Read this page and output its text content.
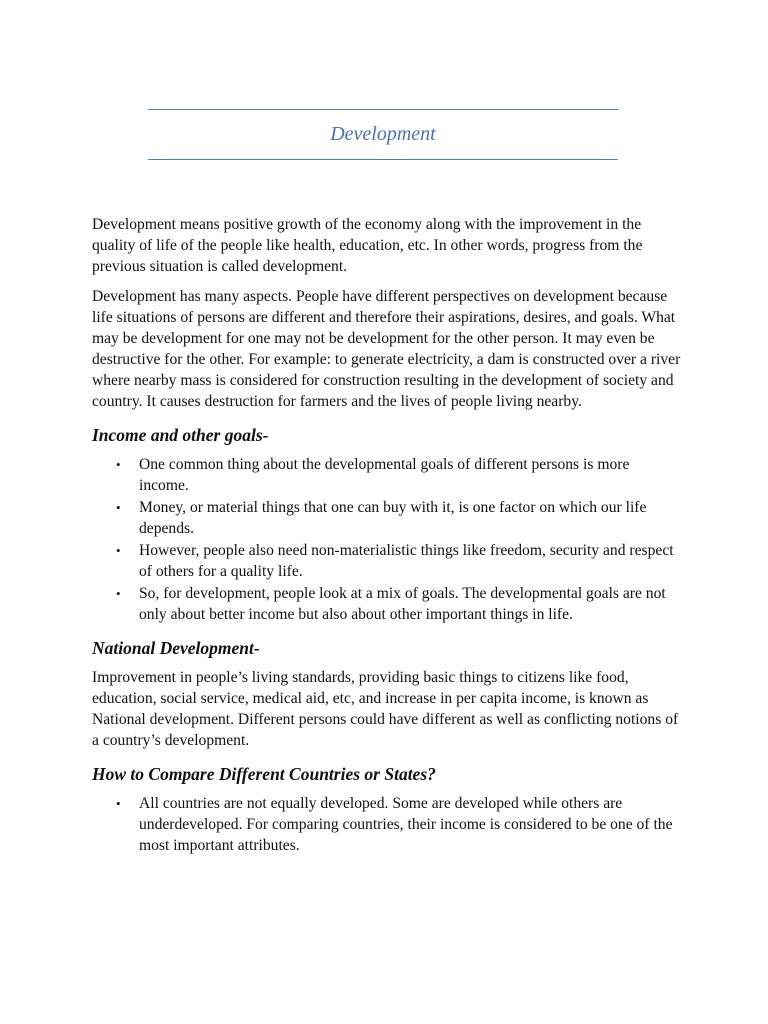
Development

Development means positive growth of the economy along with the improvement in the quality of life of the people like health, education, etc. In other words, progress from the previous situation is called development.

Development has many aspects. People have different perspectives on development because life situations of persons are different and therefore their aspirations, desires, and goals. What may be development for one may not be development for the other person. It may even be destructive for the other. For example: to generate electricity, a dam is constructed over a river where nearby mass is considered for construction resulting in the development of society and country. It causes destruction for farmers and the lives of people living nearby.

Income and other goals-
• One common thing about the developmental goals of different persons is more income.
• Money, or material things that one can buy with it, is one factor on which our life depends.
• However, people also need non-materialistic things like freedom, security and respect of others for a quality life.
• So, for development, people look at a mix of goals. The developmental goals are not only about better income but also about other important things in life.
National Development-

Improvement in people’s living standards, providing basic things to citizens like food, education, social service, medical aid, etc, and increase in per capita income, is known as National development. Different persons could have different as well as conflicting notions of a country’s development.

How to Compare Different Countries or States?
• All countries are not equally developed. Some are developed while others are underdeveloped. For comparing countries, their income is considered to be one of the most important attributes.
